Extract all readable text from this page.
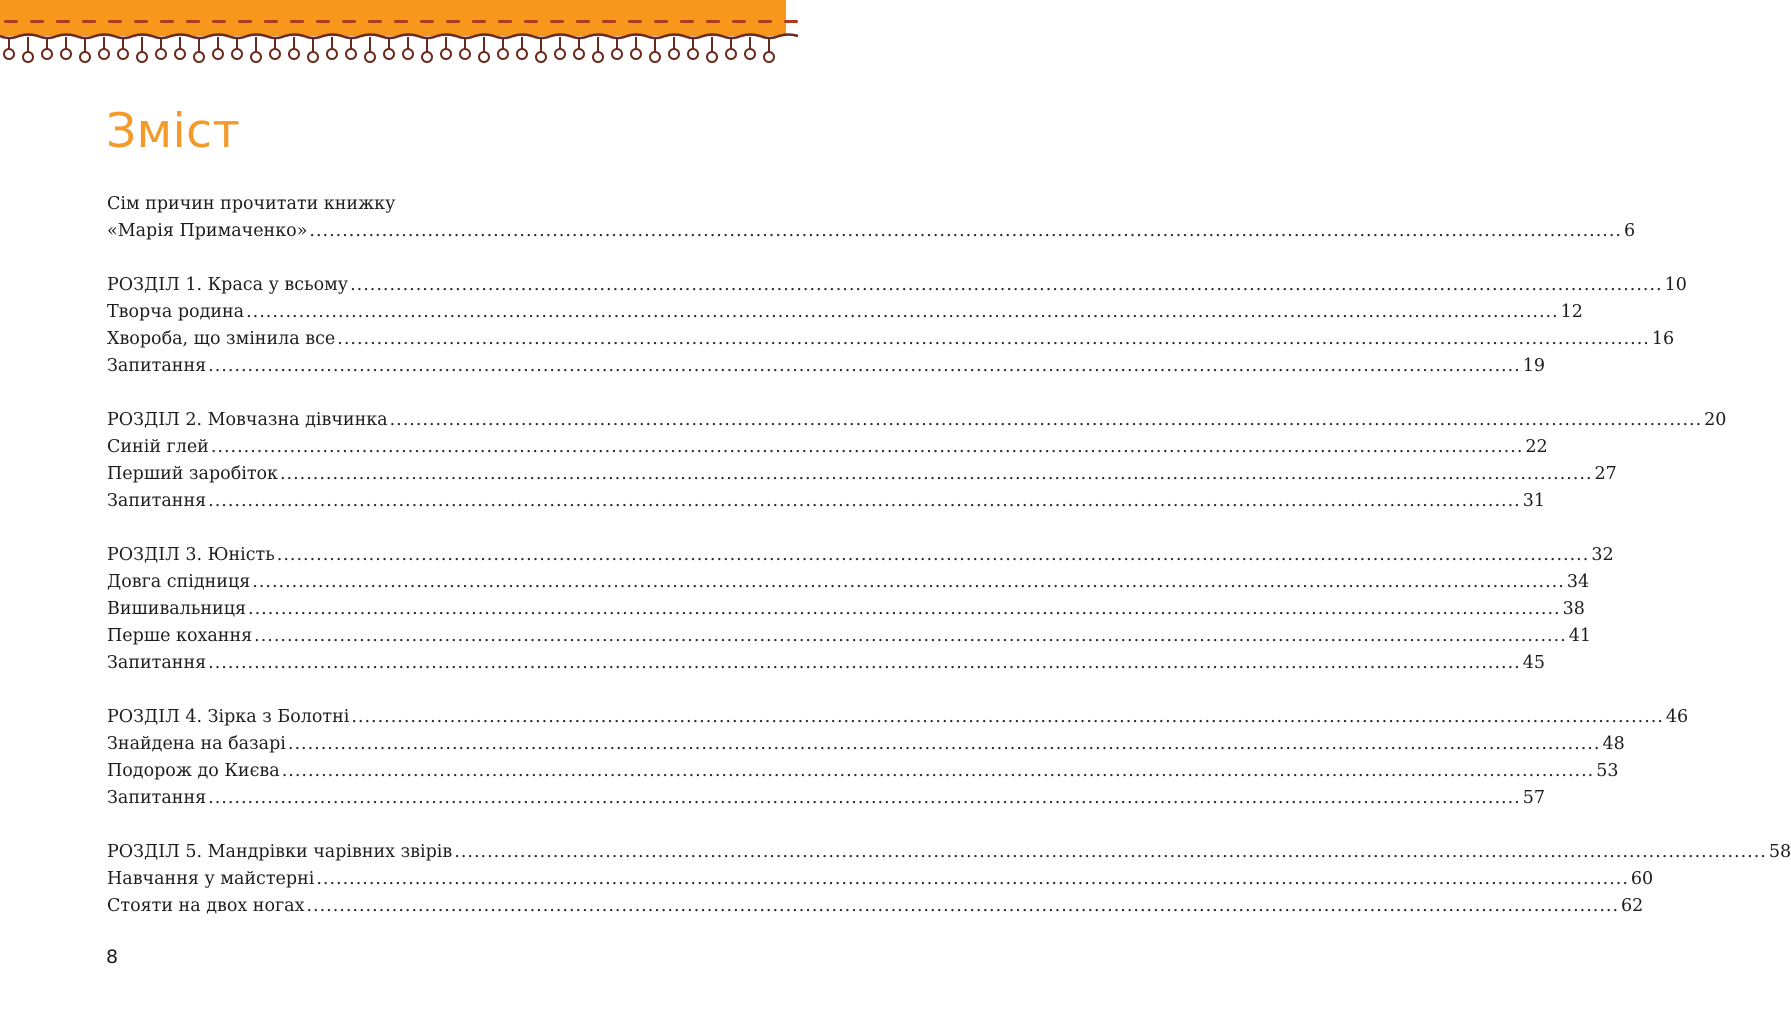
Зміст
Сім причин прочитати книжку
«Марія Примаченко» ........................................................................................................................................................................................................ 6
РОЗДІЛ 1. Краса у всьому ........................................................................................................................................................................................................ 10
Творча родина ........................................................................................................................................................................................................ 12
Хвороба, що змінила все ........................................................................................................................................................................................................ 16
Запитання ........................................................................................................................................................................................................ 19
РОЗДІЛ 2. Мовчазна дівчинка ........................................................................................................................................................................................................ 20
Синій глей ........................................................................................................................................................................................................ 22
Перший заробіток ........................................................................................................................................................................................................ 27
Запитання ........................................................................................................................................................................................................ 31
РОЗДІЛ 3. Юність ........................................................................................................................................................................................................ 32
Довга спідниця ........................................................................................................................................................................................................ 34
Вишивальниця ........................................................................................................................................................................................................ 38
Перше кохання ........................................................................................................................................................................................................ 41
Запитання ........................................................................................................................................................................................................ 45
РОЗДІЛ 4. Зірка з Болотні ........................................................................................................................................................................................................ 46
Знайдена на базарі ........................................................................................................................................................................................................ 48
Подорож до Києва ........................................................................................................................................................................................................ 53
Запитання ........................................................................................................................................................................................................ 57
РОЗДІЛ 5. Мандрівки чарівних звірів ........................................................................................................................................................................................................ 58
Навчання у майстерні ........................................................................................................................................................................................................ 60
Стояти на двох ногах ........................................................................................................................................................................................................ 62
8
